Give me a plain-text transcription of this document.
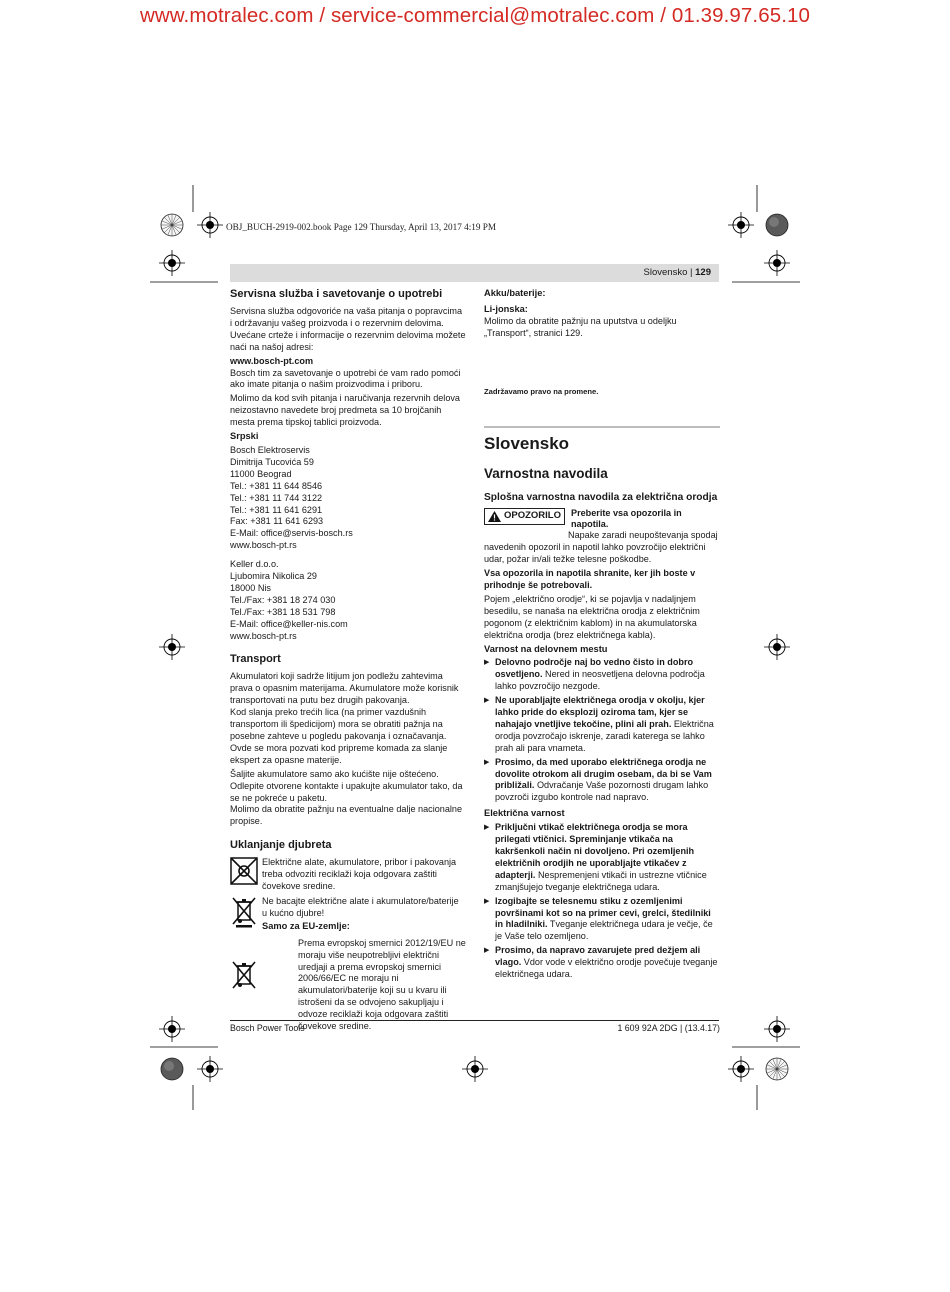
www.motralec.com / service-commercial@motralec.com / 01.39.97.65.10
OBJ_BUCH-2919-002.book Page 129 Thursday, April 13, 2017 4:19 PM
Slovensko | 129
Servisna služba i savetovanje o upotrebi

Servisna služba odgovoriće na vaša pitanja o popravcima i održavanju vašeg proizvoda i o rezervnim delovima. Uvećane crteže i informacije o rezervnim delovima možete naći na našoj adresi:

www.bosch-pt.com

Bosch tim za savetovanje o upotrebi će vam rado pomoći ako imate pitanja o našim proizvodima i priboru.

Molimo da kod svih pitanja i naručivanja rezervnih delova neizostavno navedete broj predmeta sa 10 brojčanih mesta prema tipskoj tablici proizvoda.

Srpski
Bosch Elektroservis
Dimitrija Tucovića 59
11000 Beograd
Tel.: +381 11 644 8546
Tel.: +381 11 744 3122
Tel.: +381 11 641 6291
Fax: +381 11 641 6293
E-Mail: office@servis-bosch.rs
www.bosch-pt.rs
Keller d.o.o.
Ljubomira Nikolica 29
18000 Nis
Tel./Fax: +381 18 274 030
Tel./Fax: +381 18 531 798
E-Mail: office@keller-nis.com
www.bosch-pt.rs
Transport

Akumulatori koji sadrže litijum jon podležu zahtevima prava o opasnim materijama. Akumulatore može korisnik transportovati na putu bez drugih pakovanja.

Kod slanja preko trećih lica (na primer vazdušnih transportom ili špedicijom) mora se obratiti pažnja na posebne zahteve u pogledu pakovanja i označavanja. Ovde se mora pozvati kod pripreme komada za slanje ekspert za opasne materije.

Šaljite akumulatore samo ako kućište nije oštećeno. Odlepite otvorene kontakte i upakujte akumulator tako, da se ne pokreće u paketu.

Molimo da obratite pažnju na eventualne dalje nacionalne propise.

Uklanjanje djubreta
Električne alate, akumulatore, pribor i pakovanja treba odvoziti reciklaži koja odgovara zaštiti čovekove sredine.
Ne bacajte električne alate i akumulatore/baterije u kućno djubre!
Samo za EU-zemlje:
Prema evropskoj smernici 2012/19/EU ne moraju više neupotrebljivi električni uredjaji a prema evropskoj smernici 2006/66/EC ne moraju ni akumulatori/baterije koji su u kvaru ili istrošeni da se odvojeno sakupljaju i odvoze reciklaži koja odgovara zaštiti čovekove sredine.
Akku/baterije:
Li-jonska:

Molimo da obratite pažnju na uputstva u odeljku „Transport“, stranici 129.

Zadržavamo pravo na promene.
Slovensko
Varnostna navodila
Splošna varnostna navodila za električna orodja
OPOZORILO Preberite vsa opozorila in napotila.

Napake zaradi neupoštevanja spodaj navedenih opozoril in napotil lahko povzročijo električni udar, požar in/ali težke telesne poškodbe.

Vsa opozorila in napotila shranite, ker jih boste v prihodnje še potrebovali.

Pojem „električno orodje“, ki se pojavlja v nadaljnjem besedilu, se nanaša na električna orodja z električnim pogonom (z električnim kablom) in na akumulatorska električna orodja (brez električnega kabla).

Varnost na delovnem mestu
▶ Delovno področje naj bo vedno čisto in dobro osvetljeno. Nered in neosvetljena delovna področja lahko povzročijo nezgode.
▶ Ne uporabljajte električnega orodja v okolju, kjer lahko pride do eksplozij oziroma tam, kjer se nahajajo vnetljive tekočine, plini ali prah. Električna orodja povzročajo iskrenje, zaradi katerega se lahko prah ali para vnameta.
▶ Prosimo, da med uporabo električnega orodja ne dovolite otrokom ali drugim osebam, da bi se Vam približali. Odvračanje Vaše pozornosti drugam lahko povzroči izgubo kontrole nad napravo.
Električna varnost
▶ Priključni vtikač električnega orodja se mora prilegati vtičnici. Spreminjanje vtikača na kakršenkoli način ni dovoljeno. Pri ozemljenih električnih orodjih ne uporabljajte vtikačev z adapterji. Nespremenjeni vtikači in ustrezne vtičnice zmanjšujejo tveganje električnega udara.
▶ Izogibajte se telesnemu stiku z ozemljenimi površinami kot so na primer cevi, grelci, štedilniki in hladilniki. Tveganje električnega udara je večje, če je Vaše telo ozemljeno.
▶ Prosimo, da napravo zavarujete pred dežjem ali vlago. Vdor vode v električno orodje povečuje tveganje električnega udara.
Bosch Power Tools	1 609 92A 2DG | (13.4.17)
